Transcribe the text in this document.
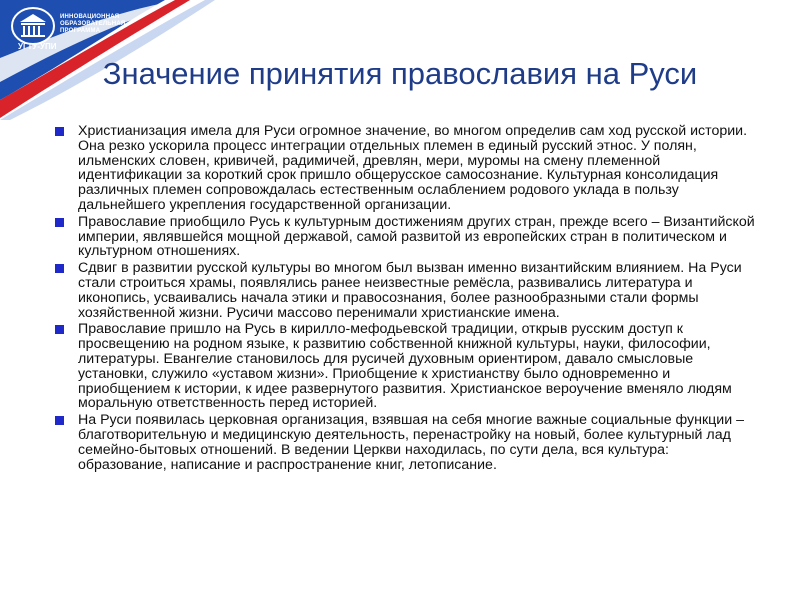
ИННОВАЦИОННАЯ
ОБРАЗОВАТЕЛЬНАЯ
ПРОГРАММА
УГТУ-УПИ
Значение принятия православия на Руси
Христианизация имела для Руси огромное значение, во многом определив сам ход русской истории. Она резко ускорила процесс интеграции отдельных племен в единый русский этнос. У полян, ильменских словен, кривичей, радимичей, древлян, мери, муромы на смену племенной идентификации за короткий срок пришло общерусское самосознание. Культурная консолидация различных племен сопровождалась естественным ослаблением родового уклада в пользу дальнейшего укрепления государственной организации.
Православие приобщило Русь к культурным достижениям других стран, прежде всего – Византийской империи, являвшейся мощной державой, самой развитой из европейских стран в политическом и культурном отношениях.
Сдвиг в развитии русской культуры во многом был вызван именно византийским влиянием. На Руси стали строиться храмы, появлялись ранее неизвестные ремёсла, развивались литература и иконопись, усваивались начала этики и правосознания, более разнообразными стали формы хозяйственной жизни. Русичи массово перенимали христианские имена.
Православие пришло на Русь в кирилло-мефодьевской традиции, открыв русским доступ к просвещению на родном языке, к развитию собственной книжной культуры, науки, философии, литературы. Евангелие становилось для русичей духовным ориентиром, давало смысловые установки, служило «уставом жизни». Приобщение к христианству было одновременно и приобщением к истории, к идее развернутого развития. Христианское вероучение вменяло людям моральную ответственность перед историей.
На Руси появилась церковная организация, взявшая на себя многие важные социальные функции – благотворительную и медицинскую деятельность, перенастройку на новый, более культурный лад семейно-бытовых отношений. В ведении Церкви находилась, по сути дела, вся культура: образование, написание и распространение книг, летописание.
